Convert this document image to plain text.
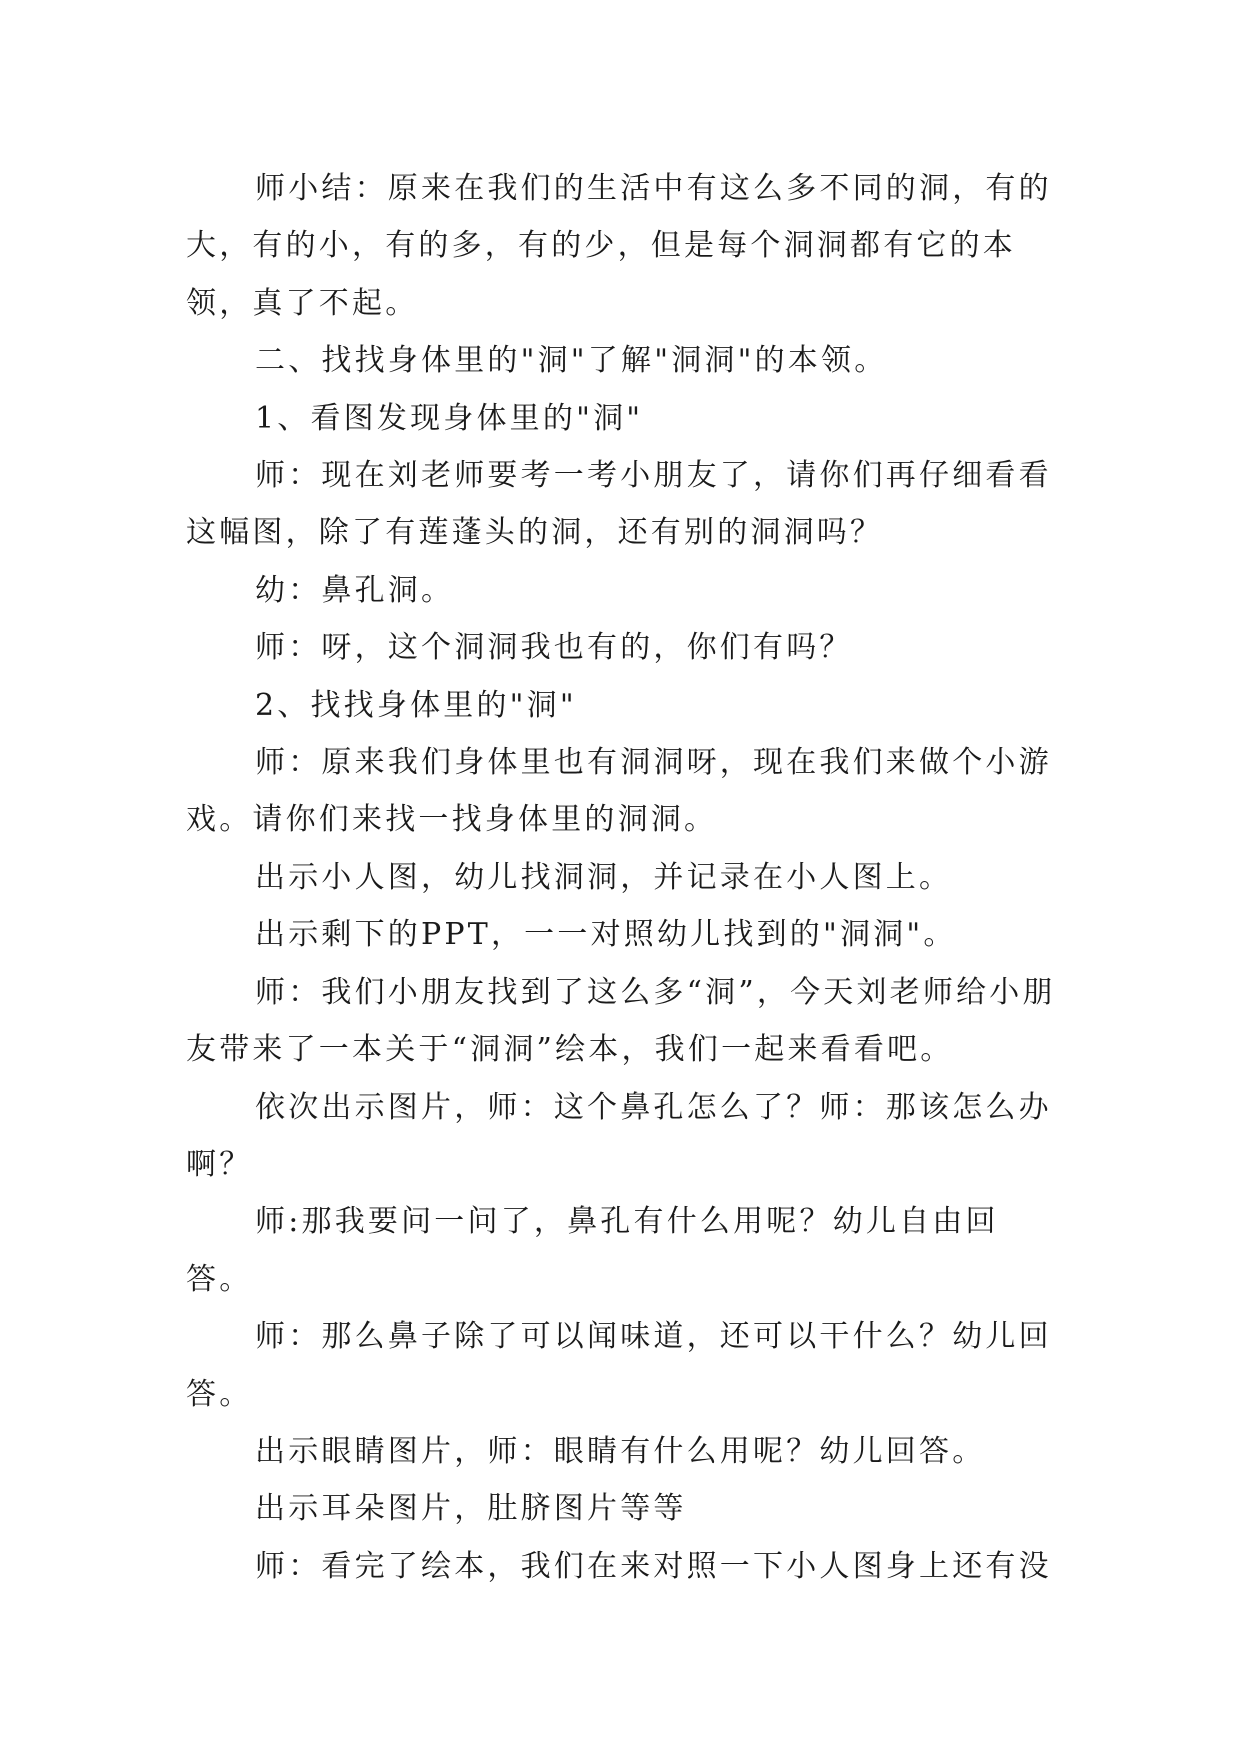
师小结：原来在我们的生活中有这么多不同的洞，有的大，有的小，有的多，有的少，但是每个洞洞都有它的本领，真了不起。

二、找找身体里的"洞"了解"洞洞"的本领。

1、看图发现身体里的"洞"

师：现在刘老师要考一考小朋友了，请你们再仔细看看这幅图，除了有莲蓬头的洞，还有别的洞洞吗？

幼：鼻孔洞。

师：呀，这个洞洞我也有的，你们有吗？

2、找找身体里的"洞"

师：原来我们身体里也有洞洞呀，现在我们来做个小游戏。请你们来找一找身体里的洞洞。

出示小人图，幼儿找洞洞，并记录在小人图上。

出示剩下的PPT，一一对照幼儿找到的"洞洞"。

师：我们小朋友找到了这么多“洞”，今天刘老师给小朋友带来了一本关于“洞洞”绘本，我们一起来看看吧。

依次出示图片，师：这个鼻孔怎么了？师：那该怎么办啊？

师:那我要问一问了，鼻孔有什么用呢？幼儿自由回答。

师：那么鼻子除了可以闻味道，还可以干什么？幼儿回答。

出示眼睛图片，师：眼睛有什么用呢？幼儿回答。

出示耳朵图片，肚脐图片等等

师：看完了绘本，我们在来对照一下小人图身上还有没
